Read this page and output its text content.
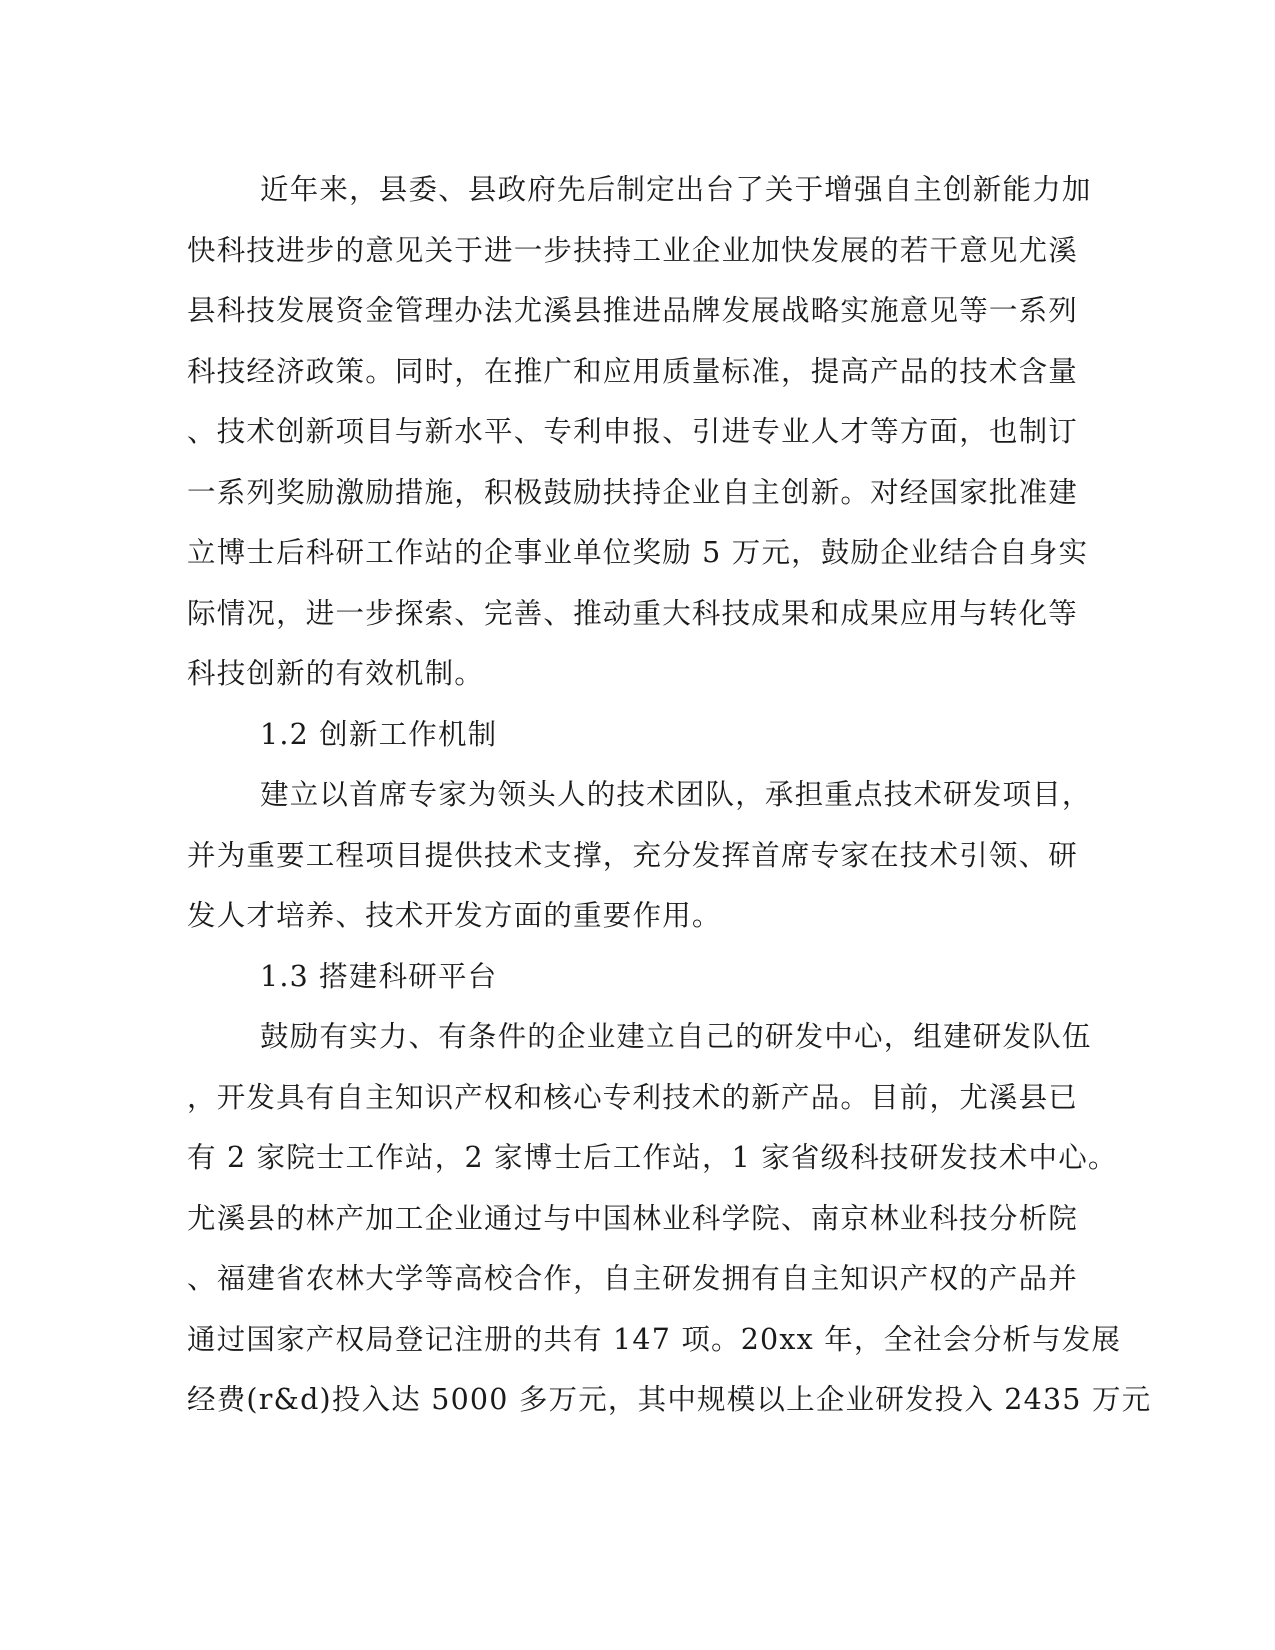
近年来，县委、县政府先后制定出台了关于增强自主创新能力加
快科技进步的意见关于进一步扶持工业企业加快发展的若干意见尤溪
县科技发展资金管理办法尤溪县推进品牌发展战略实施意见等一系列
科技经济政策。同时，在推广和应用质量标准，提高产品的技术含量
、技术创新项目与新水平、专利申报、引进专业人才等方面，也制订
一系列奖励激励措施，积极鼓励扶持企业自主创新。对经国家批准建
立博士后科研工作站的企事业单位奖励 5 万元，鼓励企业结合自身实
际情况，进一步探索、完善、推动重大科技成果和成果应用与转化等
科技创新的有效机制。
1.2 创新工作机制
建立以首席专家为领头人的技术团队，承担重点技术研发项目，
并为重要工程项目提供技术支撑，充分发挥首席专家在技术引领、研
发人才培养、技术开发方面的重要作用。
1.3 搭建科研平台
鼓励有实力、有条件的企业建立自己的研发中心，组建研发队伍
，开发具有自主知识产权和核心专利技术的新产品。目前，尤溪县已
有 2 家院士工作站，2 家博士后工作站，1 家省级科技研发技术中心。
尤溪县的林产加工企业通过与中国林业科学院、南京林业科技分析院
、福建省农林大学等高校合作，自主研发拥有自主知识产权的产品并
通过国家产权局登记注册的共有 147 项。20xx 年，全社会分析与发展
经费(r&d)投入达 5000 多万元，其中规模以上企业研发投入 2435 万元
